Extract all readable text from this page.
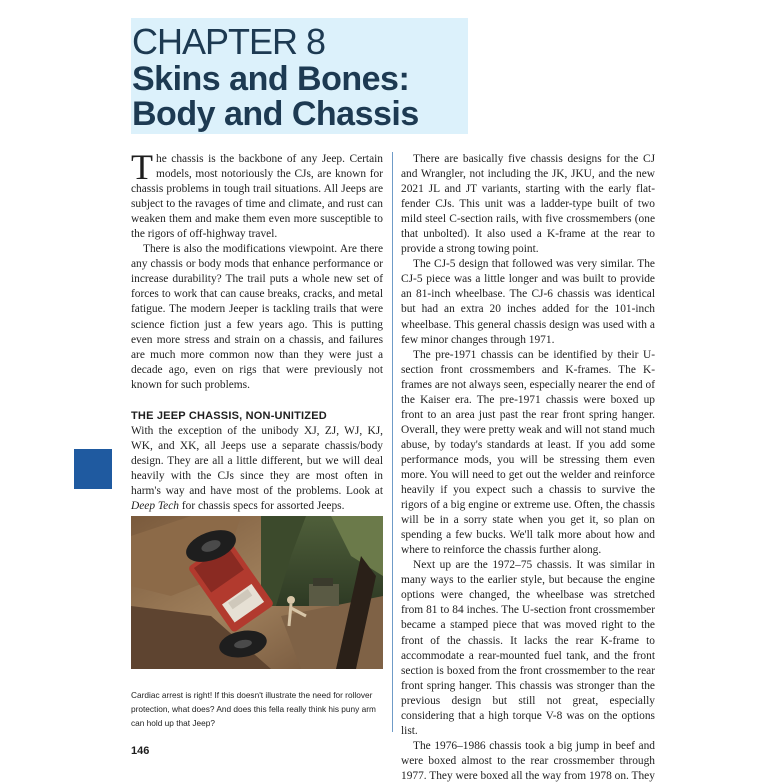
CHAPTER 8
Skins and Bones:
Body and Chassis

The chassis is the backbone of any Jeep. Certain models, most notoriously the CJs, are known for chassis problems in tough trail situations. All Jeeps are subject to the ravages of time and climate, and rust can weaken them and make them even more susceptible to the rigors of off-highway travel.

There is also the modifications viewpoint. Are there any chassis or body mods that enhance performance or increase durability? The trail puts a whole new set of forces to work that can cause breaks, cracks, and metal fatigue. The modern Jeeper is tackling trails that were science fiction just a few years ago. This is putting even more stress and strain on a chassis, and failures are much more common now than they were just a decade ago, even on rigs that were previously not known for such problems.

THE JEEP CHASSIS, NON-UNITIZED

With the exception of the unibody XJ, ZJ, WJ, KJ, WK, and XK, all Jeeps use a separate chassis/body design. They are all a little different, but we will deal heavily with the CJs since they are most often in harm's way and have most of the problems. Look at Deep Tech for chassis specs for assorted Jeeps.

There are basically five chassis designs for the CJ and Wrangler, not including the JK, JKU, and the new 2021 JL and JT variants, starting with the early flat-fender CJs. This unit was a ladder-type built of two mild steel C-section rails, with five crossmembers (one that unbolted). It also used a K-frame at the rear to provide a strong towing point.

The CJ-5 design that followed was very similar. The CJ-5 piece was a little longer and was built to provide an 81-inch wheelbase. The CJ-6 chassis was identical but had an extra 20 inches added for the 101-inch wheelbase. This general chassis design was used with a few minor changes through 1971.

The pre-1971 chassis can be identified by their U-section front crossmembers and K-frames. The K-frames are not always seen, especially nearer the end of the Kaiser era. The pre-1971 chassis were boxed up front to an area just past the rear front spring hanger. Overall, they were pretty weak and will not stand much abuse, by today's standards at least. If you add some performance mods, you will be stressing them even more. You will need to get out the welder and reinforce heavily if you expect such a chassis to survive the rigors of a big engine or extreme use. Often, the chassis will be in a sorry state when you get it, so plan on spending a few bucks. We'll talk more about how and where to reinforce the chassis further along.

Next up are the 1972–75 chassis. It was similar in many ways to the earlier style, but because the engine options were changed, the wheelbase was stretched from 81 to 84 inches. The U-section front crossmember became a stamped piece that was moved right to the front of the chassis. It lacks the rear K-frame to accommodate a rear-mounted fuel tank, and the front section is boxed from the front crossmember to the rear front spring hanger. This chassis was stronger than the previous design but still not great, especially considering that a high torque V-8 was on the options list.

The 1976–1986 chassis took a big jump in beef and were boxed almost to the rear crossmember through 1977. They were boxed all the way from 1978 on. They

Cardiac arrest is right! If this doesn't illustrate the need for rollover protection, what does? And does this fella really think his puny arm can hold up that Jeep?
146
